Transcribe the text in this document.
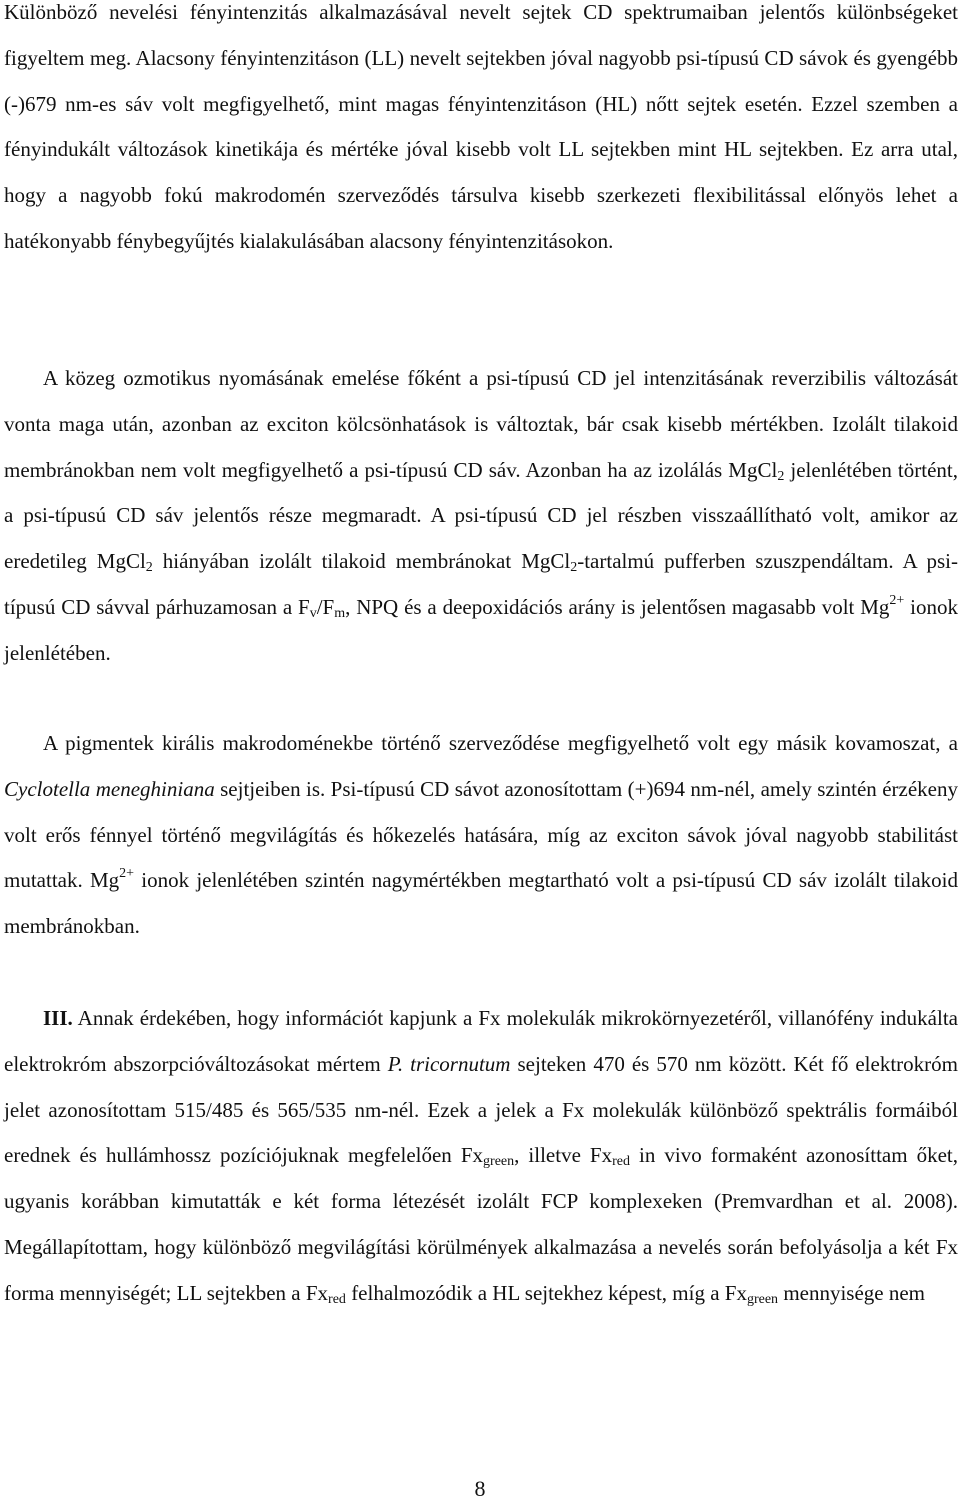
Különböző nevelési fényintenzitás alkalmazásával nevelt sejtek CD spektrumaiban jelentős különbségeket figyeltem meg. Alacsony fényintenzitáson (LL) nevelt sejtekben jóval nagyobb psi-típusú CD sávok és gyengébb (-)679 nm-es sáv volt megfigyelhető, mint magas fényintenzitáson (HL) nőtt sejtek esetén. Ezzel szemben a fényindukált változások kinetikája és mértéke jóval kisebb volt LL sejtekben mint HL sejtekben. Ez arra utal, hogy a nagyobb fokú makrodomén szerveződés társulva kisebb szerkezeti flexibilitással előnyös lehet a hatékonyabb fénybegyűjtés kialakulásában alacsony fényintenzitásokon.

A közeg ozmotikus nyomásának emelése főként a psi-típusú CD jel intenzitásának reverzibilis változását vonta maga után, azonban az exciton kölcsönhatások is változtak, bár csak kisebb mértékben. Izolált tilakoid membránokban nem volt megfigyelhető a psi-típusú CD sáv. Azonban ha az izolálás MgCl$_2$ jelenlétében történt, a psi-típusú CD sáv jelentős része megmaradt. A psi-típusú CD jel részben visszaállítható volt, amikor az eredetileg MgCl$_2$ hiányában izolált tilakoid membránokat MgCl$_2$-tartalmú pufferben szuszpendáltam. A psi-típusú CD sávval párhuzamosan a $F_v/F_m$, NPQ és a deepoxidációs arány is jelentősen magasabb volt $Mg^{2+}$ ionok jelenlétében.

A pigmentek királis makrodoménekbe történő szerveződése megfigyelhető volt egy másik kovamoszat, a Cyclotella meneghiniana sejtjeiben is. Psi-típusú CD sávot azonosítottam (+)694 nm-nél, amely szintén érzékeny volt erős fénnyel történő megvilágítás és hőkezelés hatására, míg az exciton sávok jóval nagyobb stabilitást mutattak. $Mg^{2+}$ ionok jelenlétében szintén nagymértékben megtartható volt a psi-típusú CD sáv izolált tilakoid membránokban.

III. Annak érdekében, hogy információt kapjunk a Fx molekulák mikrokörnyezetéről, villanófény indukálta elektrokróm abszorpcióváltozásokat mértem P. tricornutum sejteken 470 és 570 nm között. Két fő elektrokróm jelet azonosítottam 515/485 és 565/535 nm-nél. Ezek a jelek a Fx molekulák különböző spektrális formáiból erednek és hullámhossz pozíciójuknak megfelelően $Fx_{green}$, illetve $Fx_{red}$ in vivo formaként azonosíttam őket, ugyanis korábban kimutatták e két forma létezését izolált FCP komplexeken (Premvardhan et al. 2008). Megállapítottam, hogy különböző megvilágítási körülmények alkalmazása a nevelés során befolyásolja a két Fx forma mennyiségét; LL sejtekben a $Fx_{red}$ felhalmozódik a HL sejtekhez képest, míg a $Fx_{green}$ mennyisége nem

8
